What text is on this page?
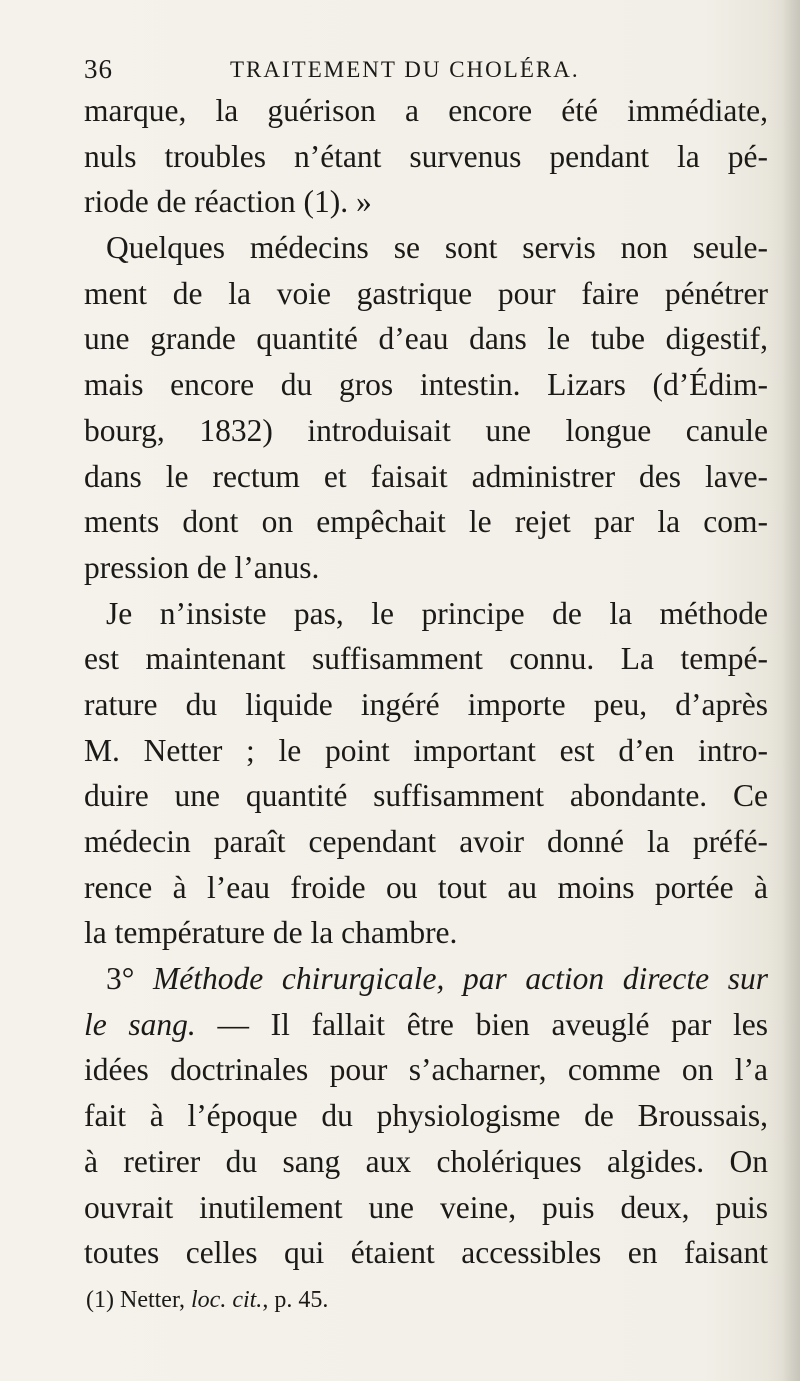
36	TRAITEMENT DU CHOLÉRA.
marque, la guérison a encore été immédiate,
nuls troubles n’étant survenus pendant la pé-
riode de réaction (1). »
Quelques médecins se sont servis non seule-
ment de la voie gastrique pour faire pénétrer
une grande quantité d’eau dans le tube digestif,
mais encore du gros intestin. Lizars (d’Édim-
bourg, 1832) introduisait une longue canule
dans le rectum et faisait administrer des lave-
ments dont on empêchait le rejet par la com-
pression de l’anus.
Je n’insiste pas, le principe de la méthode
est maintenant suffisamment connu. La tempé-
rature du liquide ingéré importe peu, d’après
M. Netter ; le point important est d’en intro-
duire une quantité suffisamment abondante. Ce
médecin paraît cependant avoir donné la préfé-
rence à l’eau froide ou tout au moins portée à
la température de la chambre.
3° Méthode chirurgicale, par action directe sur
le sang. — Il fallait être bien aveuglé par les
idées doctrinales pour s’acharner, comme on l’a
fait à l’époque du physiologisme de Broussais,
à retirer du sang aux cholériques algides. On
ouvrait inutilement une veine, puis deux, puis
toutes celles qui étaient accessibles en faisant
(1) Netter, loc. cit., p. 45.
